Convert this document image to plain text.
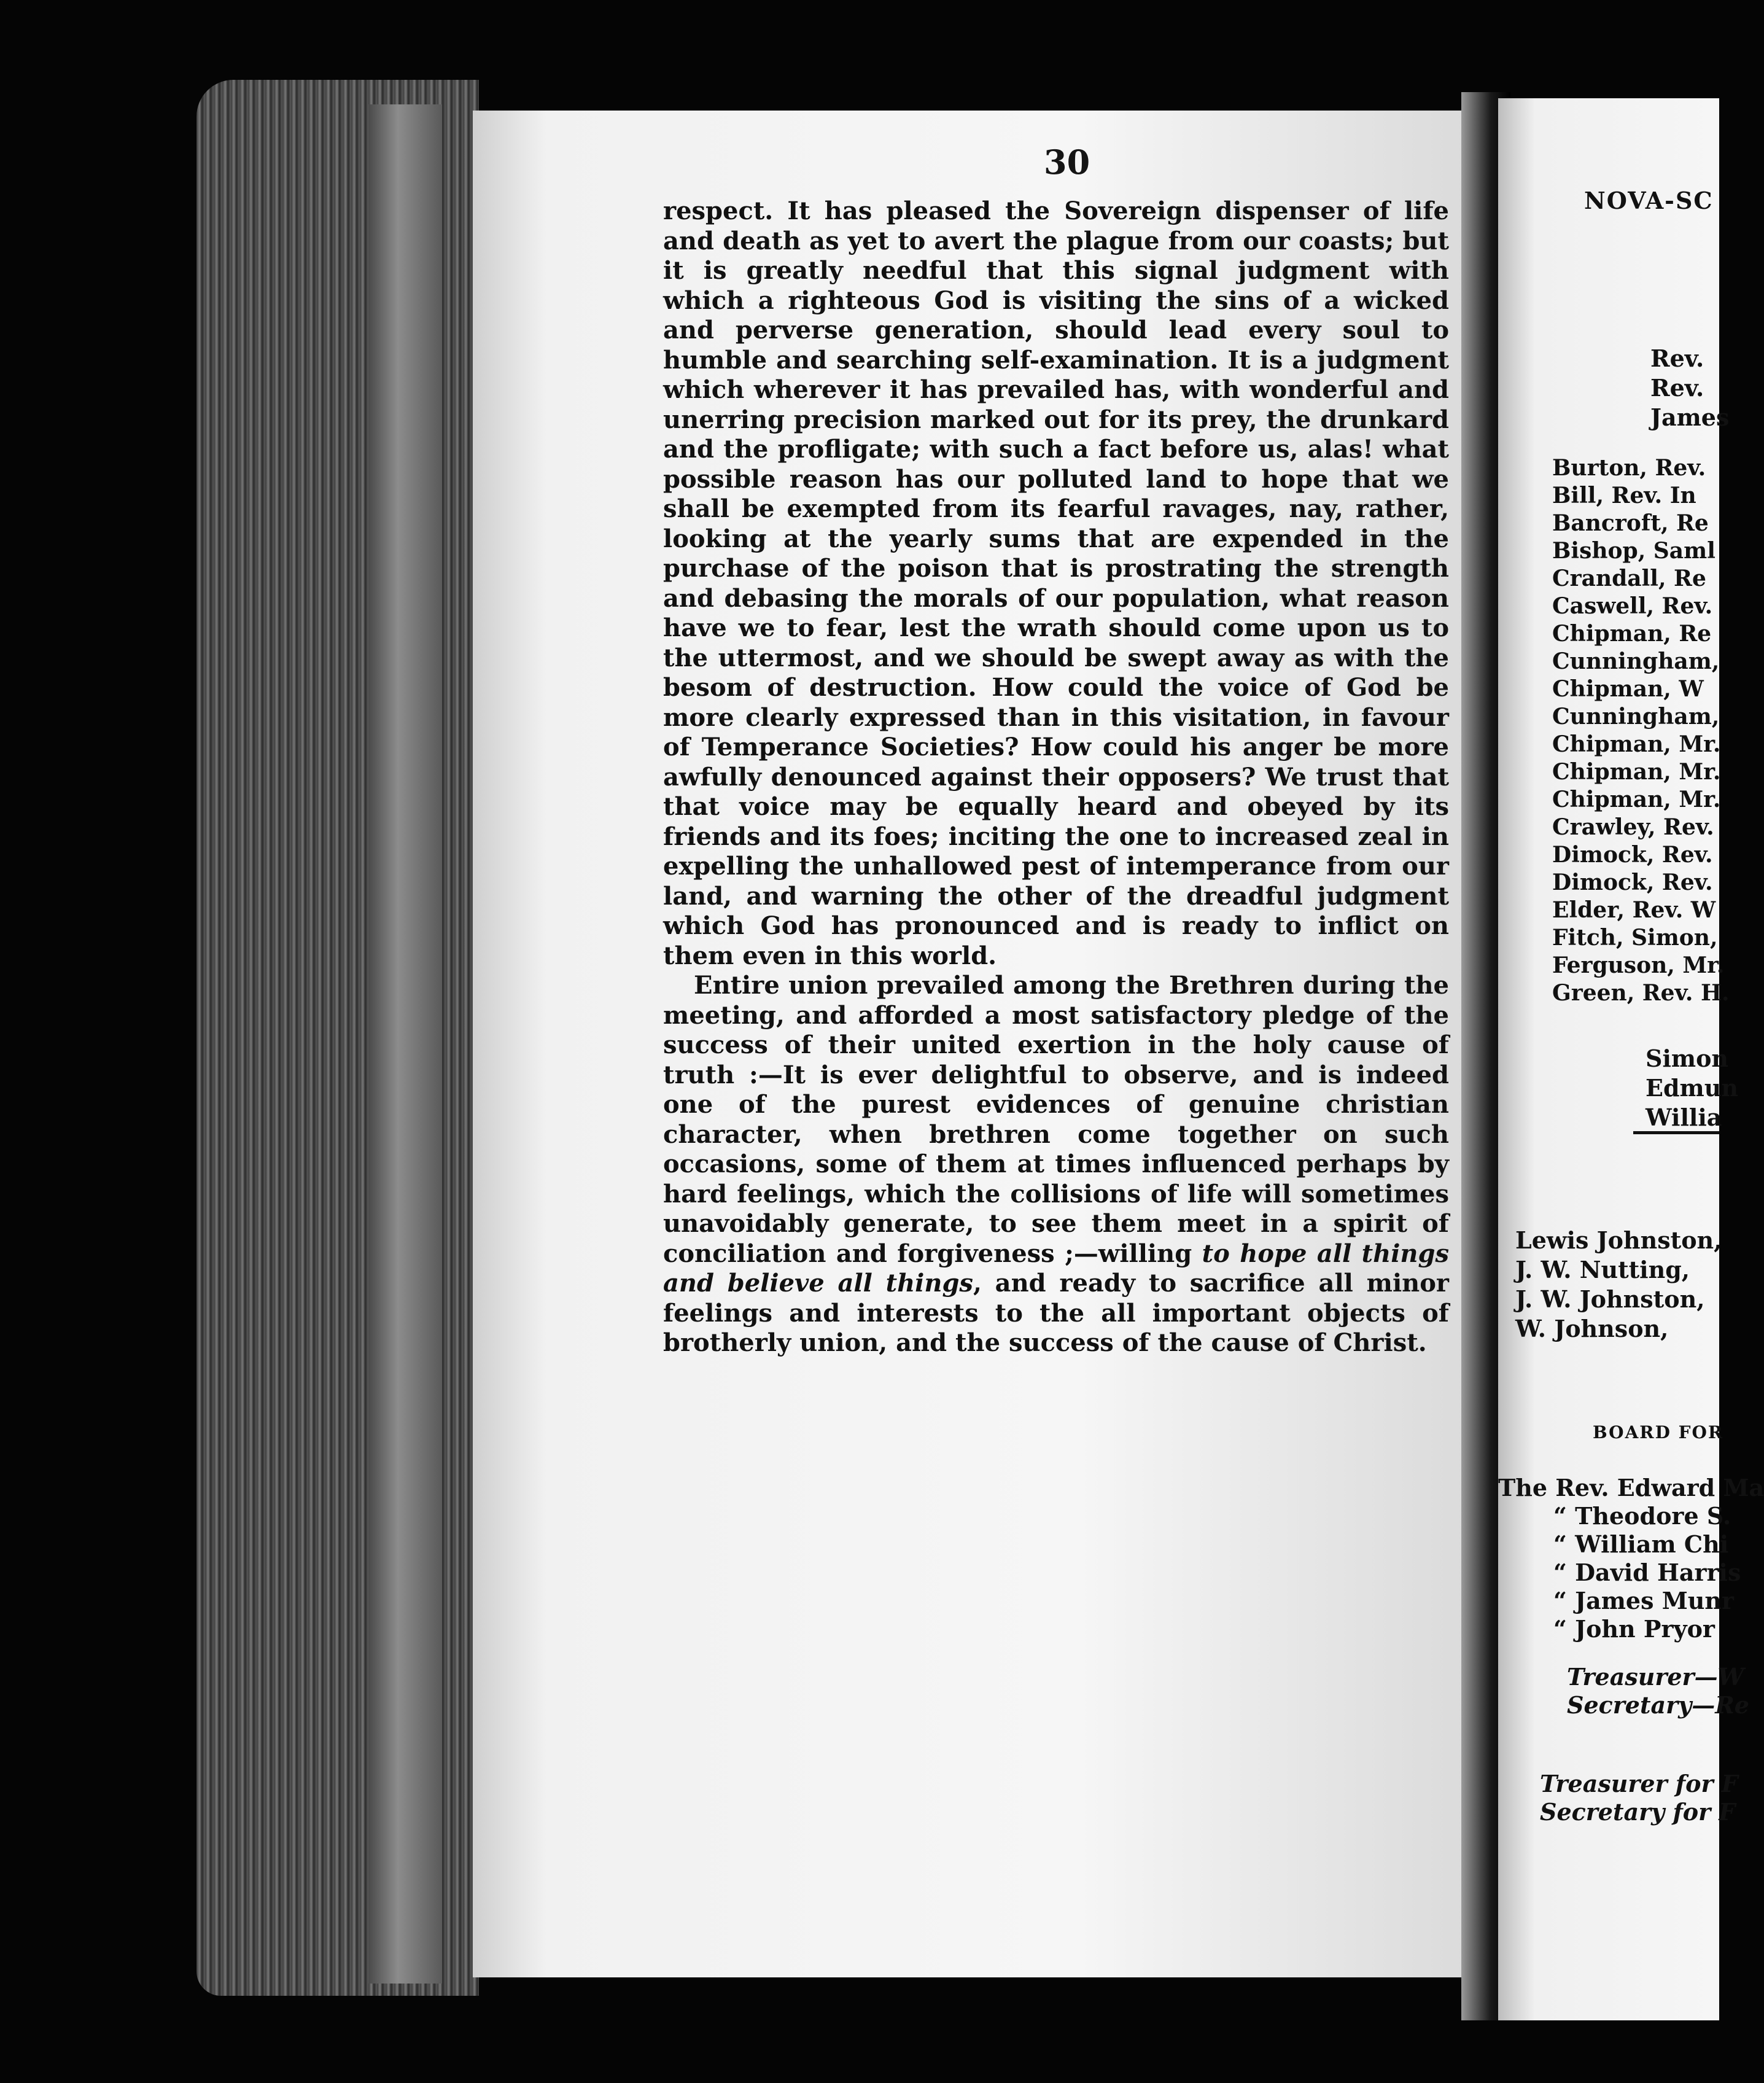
30

respect. It has pleased the Sovereign dispenser of life and death as yet to avert the plague from our coasts; but it is greatly needful that this signal judgment with which a righteous God is visiting the sins of a wicked and perverse generation, should lead every soul to humble and searching self-examination. It is a judgment which wherever it has prevailed has, with wonderful and unerring precision marked out for its prey, the drunkard and the profligate; with such a fact before us, alas! what possible reason has our polluted land to hope that we shall be exempted from its fearful ravages, nay, rather, looking at the yearly sums that are expended in the purchase of the poison that is prostrating the strength and debasing the morals of our population, what reason have we to fear, lest the wrath should come upon us to the uttermost, and we should be swept away as with the besom of destruction. How could the voice of God be more clearly expressed than in this visitation, in favour of Temperance Societies? How could his anger be more awfully denounced against their opposers? We trust that that voice may be equally heard and obeyed by its friends and its foes; inciting the one to increased zeal in expelling the unhallowed pest of intemperance from our land, and warning the other of the dreadful judgment which God has pronounced and is ready to inflict on them even in this world.

Entire union prevailed among the Brethren during the meeting, and afforded a most satisfactory pledge of the success of their united exertion in the holy cause of truth :—It is ever delightful to observe, and is indeed one of the purest evidences of genuine christian character, when brethren come together on such occasions, some of them at times influenced perhaps by hard feelings, which the collisions of life will sometimes unavoidably generate, to see them meet in a spirit of conciliation and forgiveness ;—willing to hope all things and believe all things, and ready to sacrifice all minor feelings and interests to the all important objects of brotherly union, and the success of the cause of Christ.

NOVA-SC
Rev.
Rev.
James
Burton, Rev.
Bill, Rev. In
Bancroft, Re
Bishop, Saml
Crandall, Re
Caswell, Rev.
Chipman, Re
Cunningham,
Chipman, W
Cunningham,
Chipman, Mr.
Chipman, Mr.
Chipman, Mr.
Crawley, Rev.
Dimock, Rev.
Dimock, Rev.
Elder, Rev. W
Fitch, Simon,
Ferguson, Mr.
Green, Rev. H.
Simon
Edmun
Willia
Lewis Johnston,
J. W. Nutting,
J. W. Johnston,
W. Johnson,
BOARD FOR
The Rev. Edward Ma
“ Theodore S.
“ William Chi
“ David Harris
“ James Munr
“ John Pryor
Treasurer—W
Secretary—Re
Treasurer for F
Secretary for F
